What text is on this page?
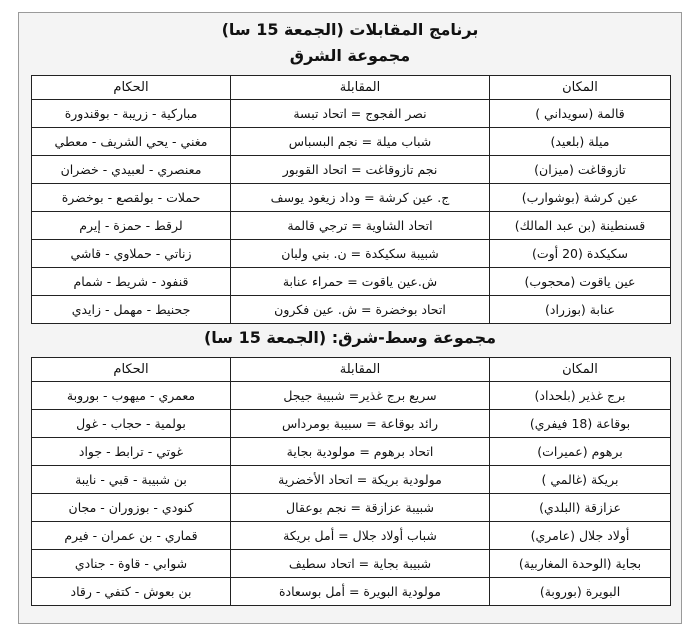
برنامج المقابلات (الجمعة 15 سا)
مجموعة الشرق
المكان	المقابلة	الحكام
قالمة (سويداني )	نصر الفجوج = اتحاد تبسة	مباركية - زريبة - بوقندورة
ميلة (بلعيد)	شباب ميلة = نجم البسباس	مغني - يحي الشريف - معطي
تازوقاغت (ميزان)	نجم تازوقاغت = اتحاد القوبور	معنصري - لعبيدي - خضران
عين كرشة (بوشوارب)	ج. عين كرشة = وداد زيغود يوسف	حملات - بولقصع - بوخضرة
قسنطينة (بن عبد المالك)	اتحاد الشاوية = ترجي قالمة	لرقط - حمزة - إيرم
سكيكدة (20 أوت)	شبيبة سكيكدة = ن. بني ولبان	زناتي - حملاوي - قاشي
عين ياقوت (محجوب)	ش.عين ياقوت = حمراء عنابة	قنفود - شريط - شمام
عنابة (بوزراد)	اتحاد بوخضرة = ش. عين فكرون	جحنيط - مهمل - زايدي
مجموعة وسط-شرق: (الجمعة 15 سا)
المكان	المقابلة	الحكام
برج غذير (بلحداد)	سريع برج غذير= شبيبة جيجل	معمري - ميهوب - بوروبة
بوقاعة (18 فيفري)	رائد بوقاعة = سبيبة بومرداس	بولمية - حجاب - غول
برهوم (عميرات)	اتحاد برهوم = مولودية بجاية	غوتي - ترابط - جواد
بريكة (غالمي )	مولودية بريكة = اتحاد الأخضرية	بن شبيبة - قبي - نايبة
عزازقة (البلدي)	شبيبة عزازقة = نجم بوعقال	كنودي - بوزوران - مجان
أولاد جلال (عامري)	شباب أولاد جلال = أمل بريكة	قماري - بن عمران - فيرم
بجاية (الوحدة المغاربية)	شبيبة بجاية = اتحاد سطيف	شوابي - قاوة - جنادي
البويرة (بوروبة)	مولودية البويرة = أمل بوسعادة	بن بعوش - كتفي - رقاد
